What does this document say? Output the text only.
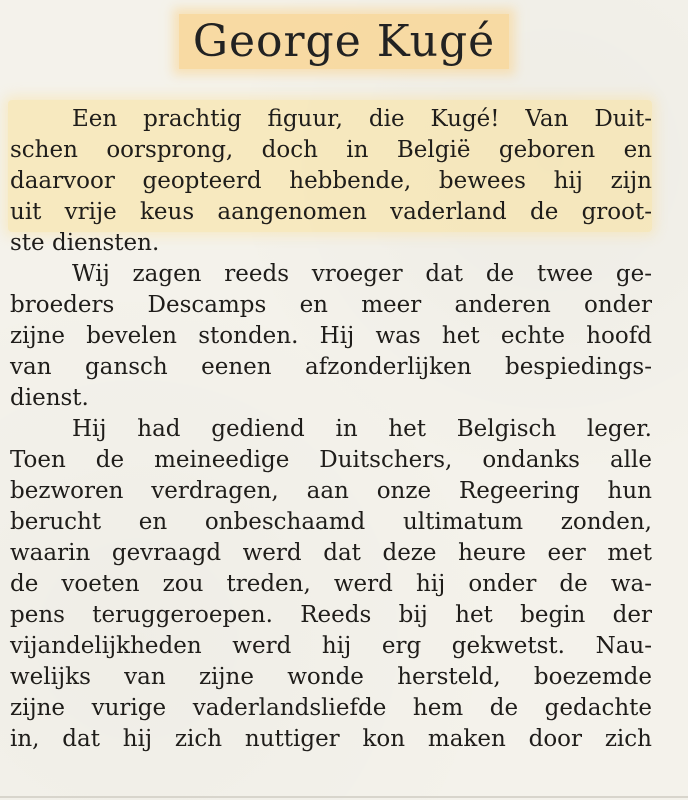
George Kugé
Een prachtig figuur, die Kugé! Van Duit-
schen oorsprong, doch in België geboren en
daarvoor geopteerd hebbende, bewees hij zijn
uit vrije keus aangenomen vaderland de groot-
ste diensten.
Wij zagen reeds vroeger dat de twee ge-
broeders Descamps en meer anderen onder
zijne bevelen stonden. Hij was het echte hoofd
van gansch eenen afzonderlijken bespiedings-
dienst.
Hij had gediend in het Belgisch leger.
Toen de meineedige Duitschers, ondanks alle
bezworen verdragen, aan onze Regeering hun
berucht en onbeschaamd ultimatum zonden,
waarin gevraagd werd dat deze heure eer met
de voeten zou treden, werd hij onder de wa-
pens teruggeroepen. Reeds bij het begin der
vijandelijkheden werd hij erg gekwetst. Nau-
welijks van zijne wonde hersteld, boezemde
zijne vurige vaderlandsliefde hem de gedachte
in, dat hij zich nuttiger kon maken door zich
